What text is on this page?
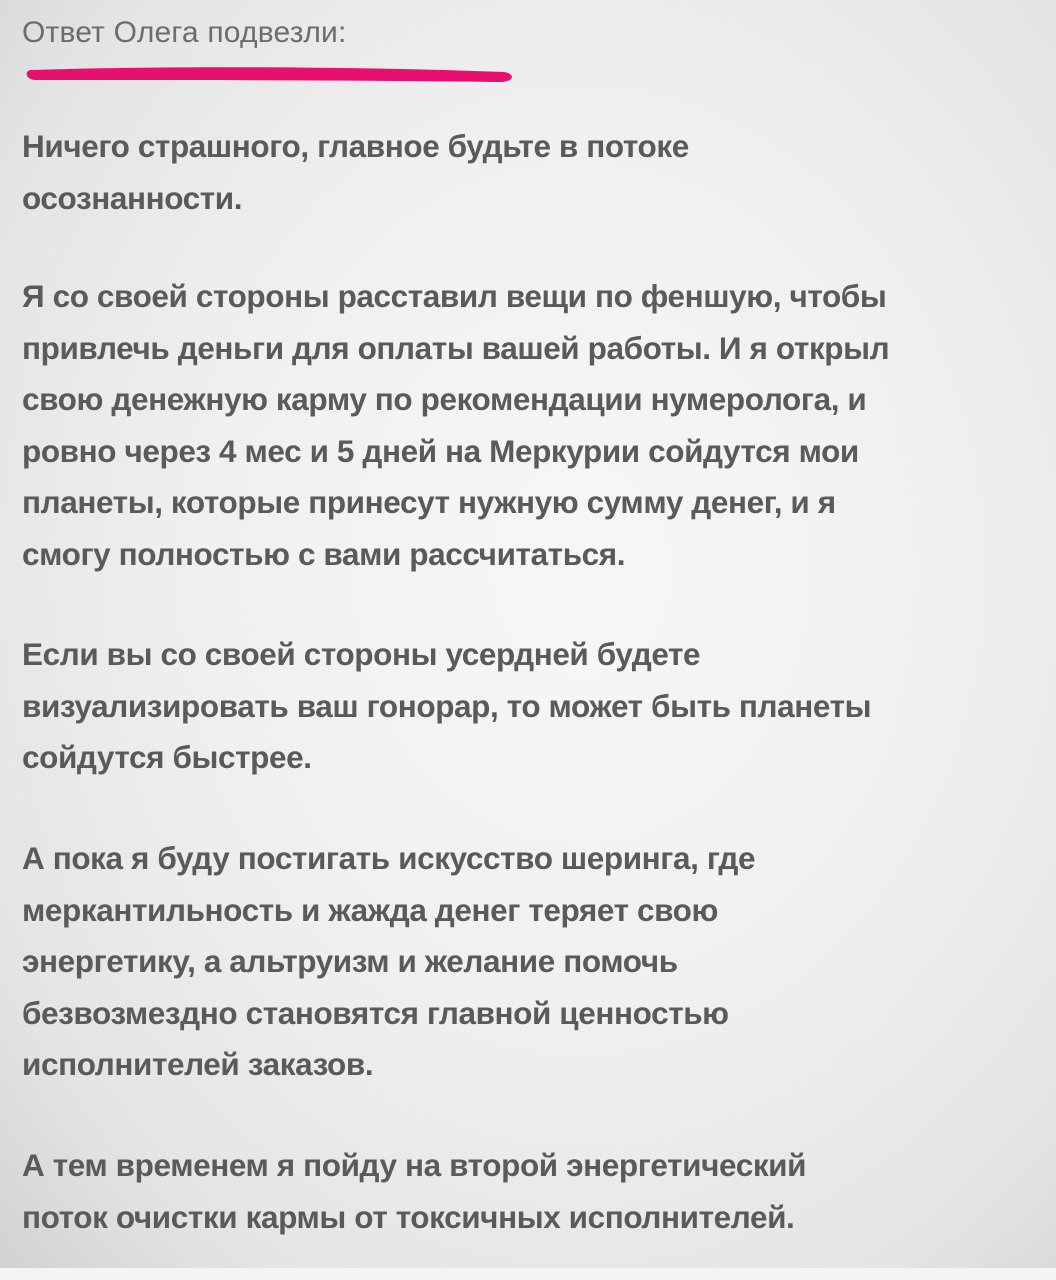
Ответ Олега подвезли:

Ничего страшного, главное будьте в потоке
осознанности.

Я со своей стороны расставил вещи по феншую, чтобы
привлечь деньги для оплаты вашей работы. И я открыл
свою денежную карму по рекомендации нумеролога, и
ровно через 4 мес и 5 дней на Меркурии сойдутся мои
планеты, которые принесут нужную сумму денег, и я
смогу полностью с вами рассчитаться.

Если вы со своей стороны усердней будете
визуализировать ваш гонорар, то может быть планеты
сойдутся быстрее.

А пока я буду постигать искусство шеринга, где
меркантильность и жажда денег теряет свою
энергетику, а альтруизм и желание помочь
безвозмездно становятся главной ценностью
исполнителей заказов.

А тем временем я пойду на второй энергетический
поток очистки кармы от токсичных исполнителей.
